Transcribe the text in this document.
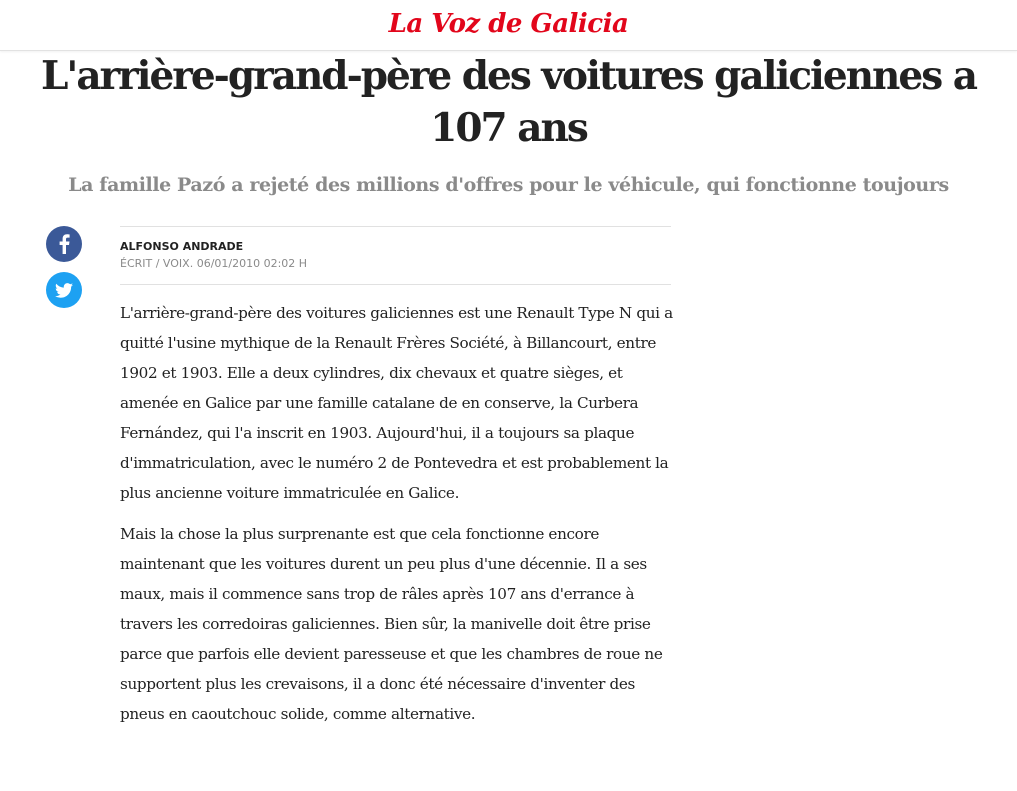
La Voz de Galicia
L'arrière-grand-père des voitures galiciennes a 107 ans
La famille Pazó a rejeté des millions d'offres pour le véhicule, qui fonctionne toujours
ALFONSO ANDRADE
ÉCRIT / VOIX. 06/01/2010 02:02 H

L'arrière-grand-père des voitures galiciennes est une Renault Type N qui a quitté l'usine mythique de la Renault Frères Société, à Billancourt, entre 1902 et 1903. Elle a deux cylindres, dix chevaux et quatre sièges, et amenée en Galice par une famille catalane de en conserve, la Curbera Fernández, qui l'a inscrit en 1903. Aujourd'hui, il a toujours sa plaque d'immatriculation, avec le numéro 2 de Pontevedra et est probablement la plus ancienne voiture immatriculée en Galice.

Mais la chose la plus surprenante est que cela fonctionne encore maintenant que les voitures durent un peu plus d'une décennie. Il a ses maux, mais il commence sans trop de râles après 107 ans d'errance à travers les corredoiras galiciennes. Bien sûr, la manivelle doit être prise parce que parfois elle devient paresseuse et que les chambres de roue ne supportent plus les crevaisons, il a donc été nécessaire d'inventer des pneus en caoutchouc solide, comme alternative.
